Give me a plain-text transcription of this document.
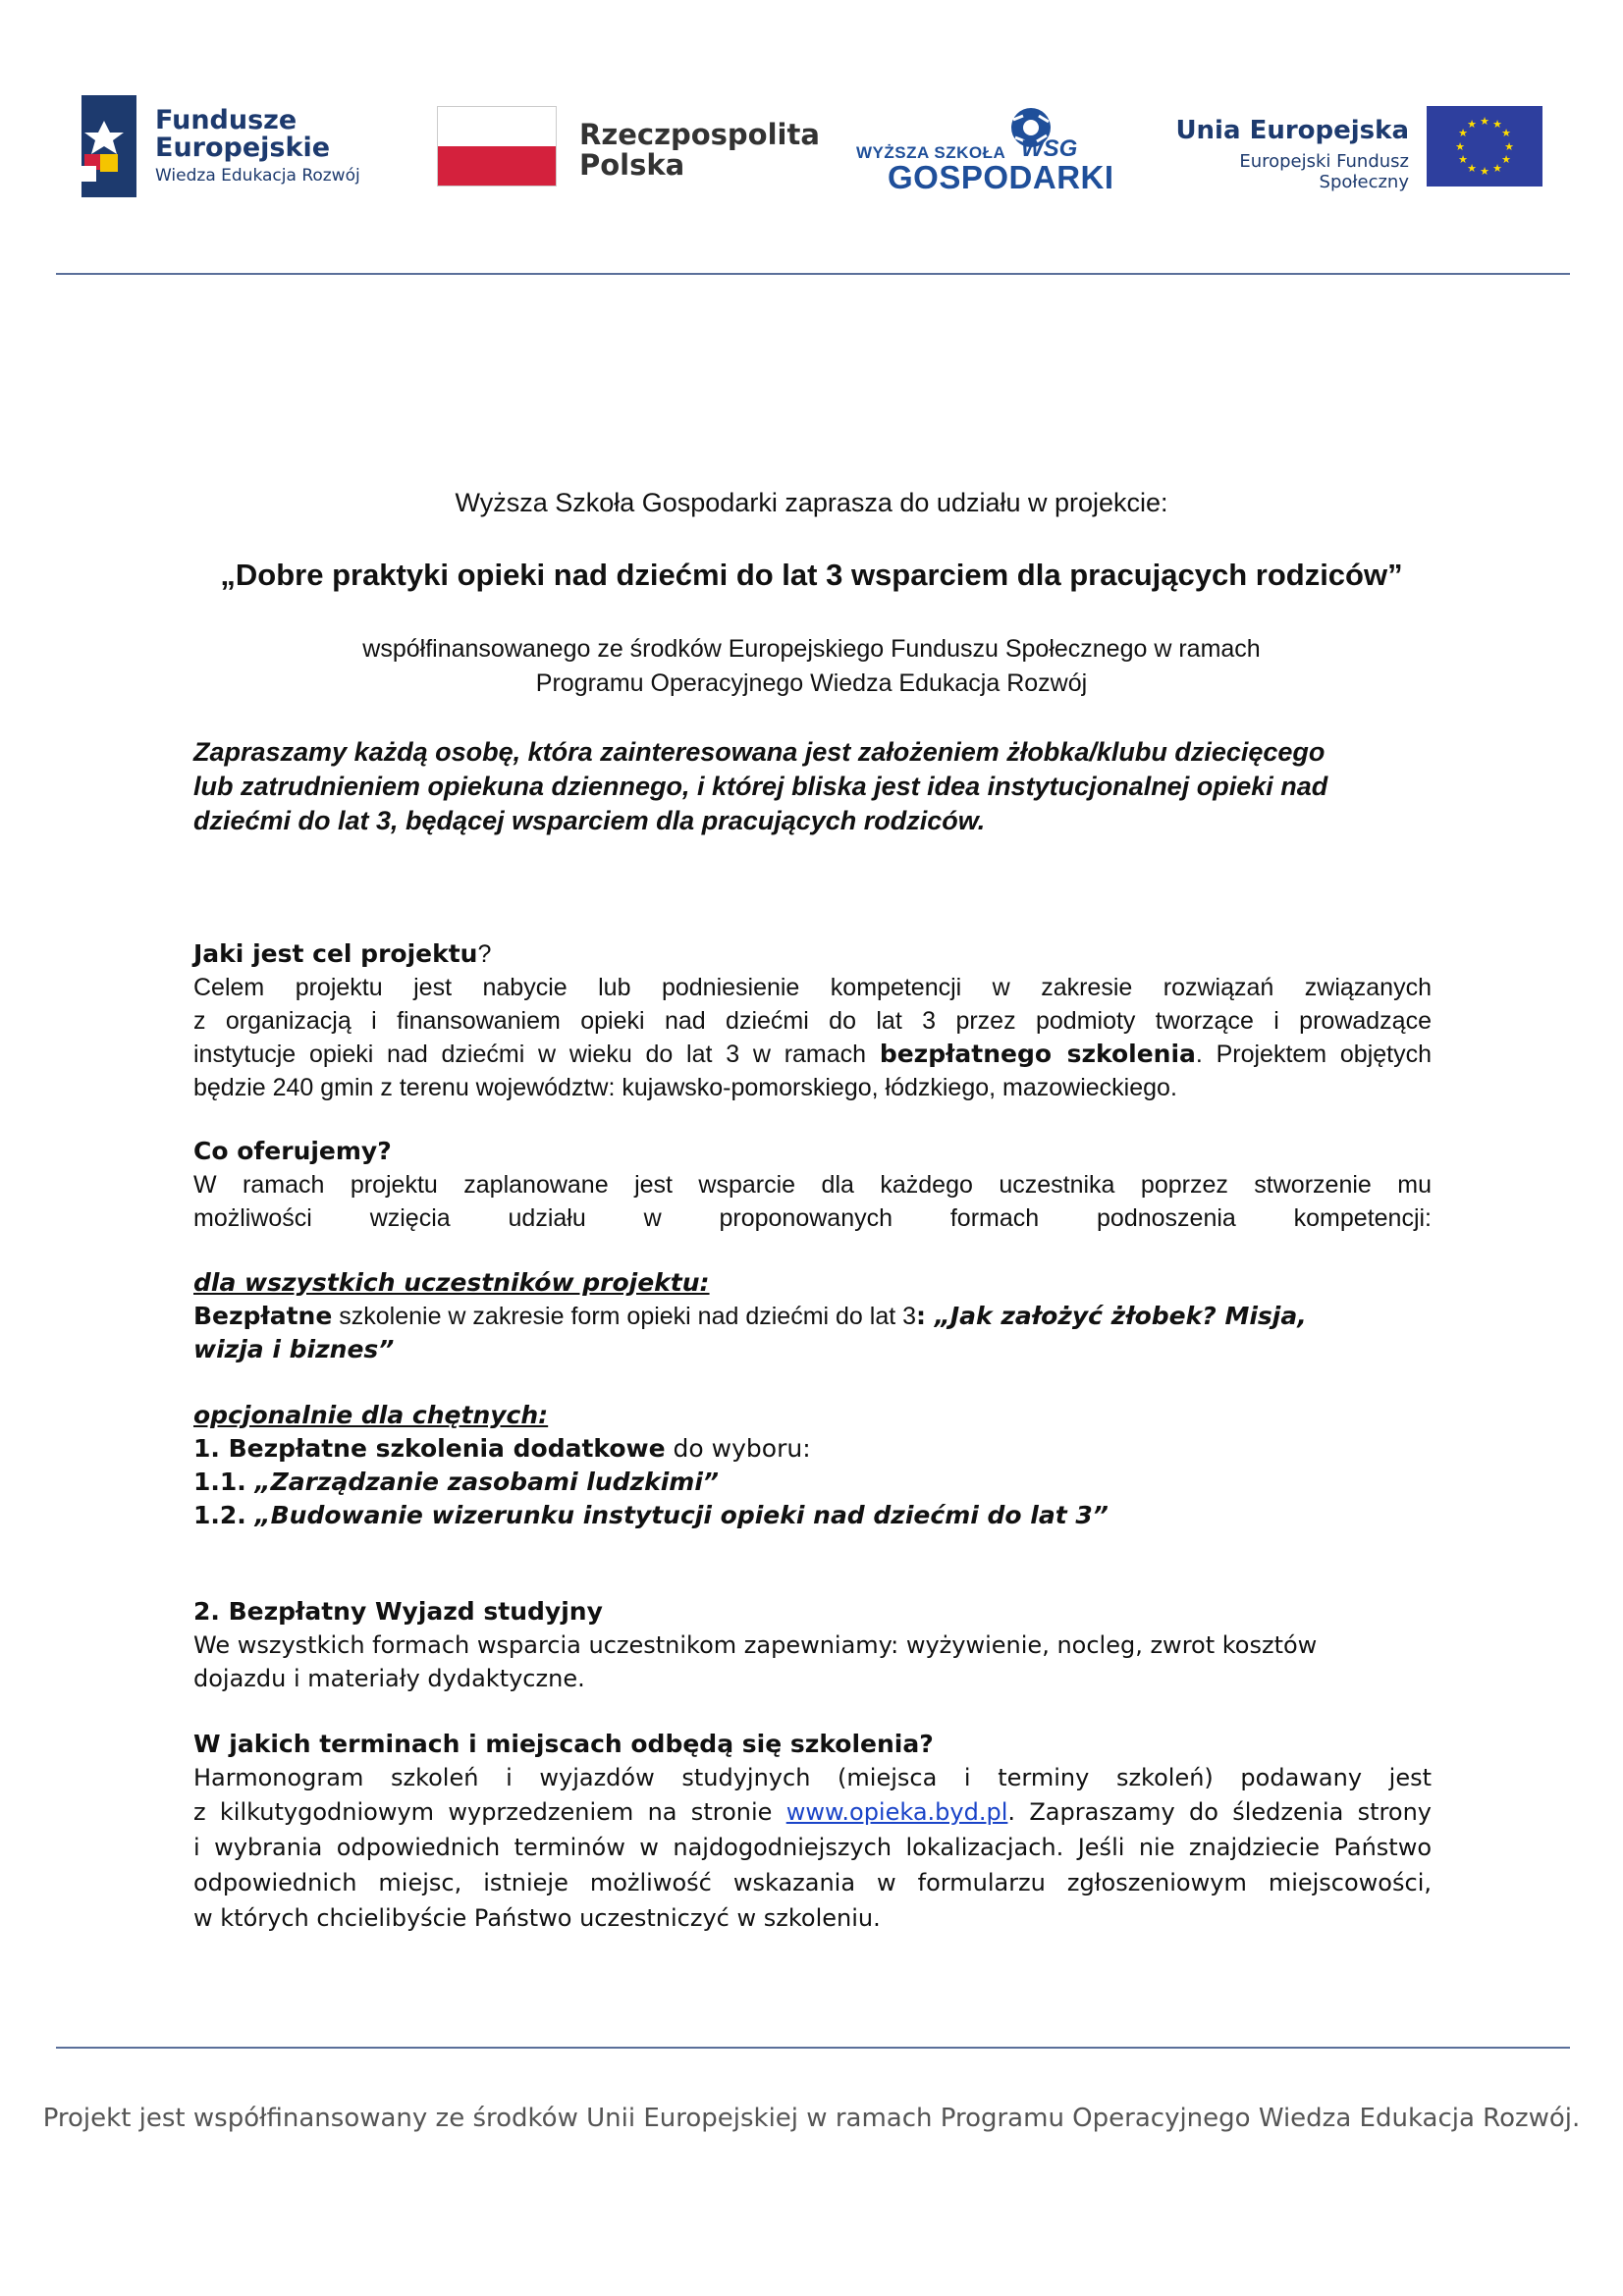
Fundusze
Europejskie
Wiedza Edukacja Rozwój
Rzeczpospolita
Polska	WYŻSZA SZKOŁA WSG
GOSPODARKI
Unia Europejska
Europejski Fundusz Społeczny
★ ★
★
★
★
★
★
★
★
★
★
★
Wyższa Szkoła Gospodarki zaprasza do udziału w projekcie:
„Dobre praktyki opieki nad dziećmi do lat 3 wsparciem dla pracujących rodziców”
współfinansowanego ze środków Europejskiego Funduszu Społecznego w ramach
Programu Operacyjnego Wiedza Edukacja Rozwój
Zapraszamy każdą osobę, która zainteresowana jest założeniem żłobka/klubu dziecięcego
lub zatrudnieniem opiekuna dziennego, i której bliska jest idea instytucjonalnej opieki nad
dziećmi do lat 3, będącej wsparciem dla pracujących rodziców.
Jaki jest cel projektu?
Celem projektu jest nabycie lub podniesienie kompetencji w zakresie rozwiązań związanych
z organizacją i finansowaniem opieki nad dziećmi do lat 3 przez podmioty tworzące i prowadzące
instytucje opieki nad dziećmi w wieku do lat 3 w ramach bezpłatnego szkolenia. Projektem objętych
będzie 240 gmin z terenu województw: kujawsko-pomorskiego, łódzkiego, mazowieckiego.
Co oferujemy?
W ramach projektu zaplanowane jest wsparcie dla każdego uczestnika poprzez stworzenie mu
możliwości wzięcia udziału w proponowanych formach podnoszenia kompetencji:
dla wszystkich uczestników projektu:
Bezpłatne szkolenie w zakresie form opieki nad dziećmi do lat 3: „Jak założyć żłobek? Misja,
wizja i biznes”
opcjonalnie dla chętnych:
1. Bezpłatne szkolenia dodatkowe do wyboru:
1.1. „Zarządzanie zasobami ludzkimi”
1.2. „Budowanie wizerunku instytucji opieki nad dziećmi do lat 3”
2. Bezpłatny Wyjazd studyjny
We wszystkich formach wsparcia uczestnikom zapewniamy: wyżywienie, nocleg, zwrot kosztów
dojazdu i materiały dydaktyczne.
W jakich terminach i miejscach odbędą się szkolenia?
Harmonogram szkoleń i wyjazdów studyjnych (miejsca i terminy szkoleń) podawany jest
z kilkutygodniowym wyprzedzeniem na stronie www.opieka.byd.pl. Zapraszamy do śledzenia strony
i wybrania odpowiednich terminów w najdogodniejszych lokalizacjach. Jeśli nie znajdziecie Państwo
odpowiednich miejsc, istnieje możliwość wskazania w formularzu zgłoszeniowym miejscowości,
w których chcielibyście Państwo uczestniczyć w szkoleniu.
Projekt jest współfinansowany ze środków Unii Europejskiej w ramach Programu Operacyjnego Wiedza Edukacja Rozwój.
